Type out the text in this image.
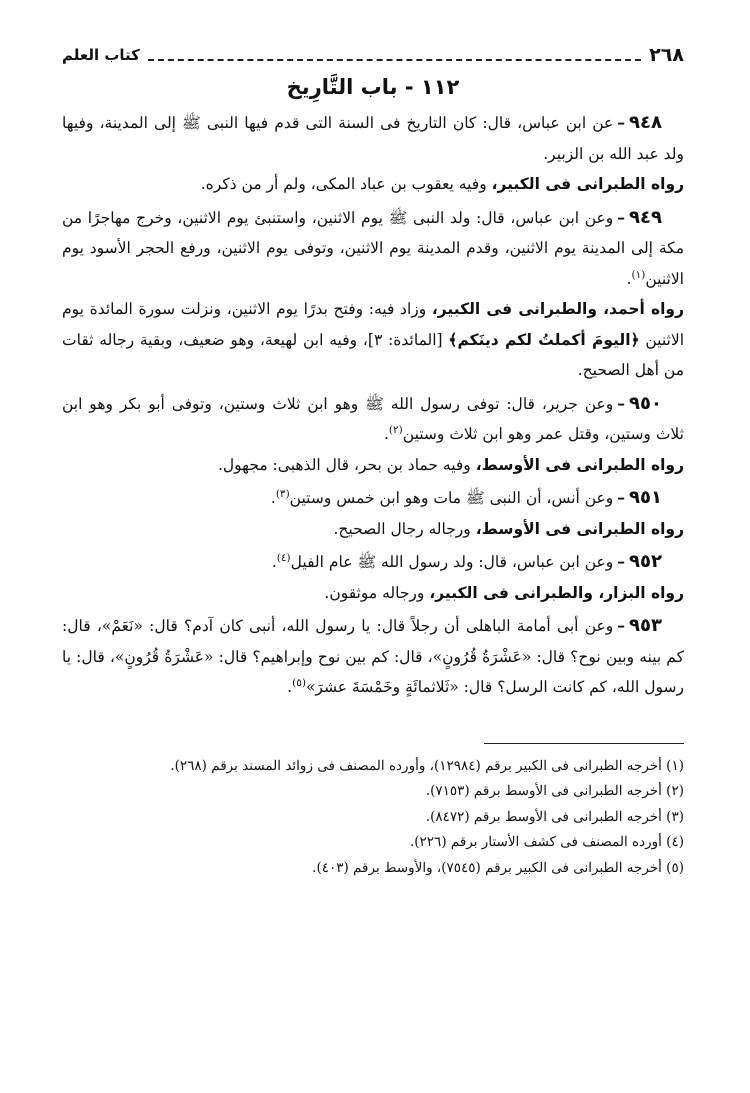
٢٦٨
كتاب العلم
١١٢ - باب التَّارِيخ

٩٤٨–عن ابن عباس، قال: كان التاريخ فى السنة التى قدم فيها النبى ﷺ إلى المدينة، وفيها ولد عبد الله بن الزبير.

رواه الطبرانى فى الكبير، وفيه يعقوب بن عباد المكى، ولم أر من ذكره.

٩٤٩–وعن ابن عباس، قال: ولد النبى ﷺ يوم الاثنين، واستنبئ يوم الاثنين، وخرج مهاجرًا من مكة إلى المدينة يوم الاثنين، وقدم المدينة يوم الاثنين، وتوفى يوم الاثنين، ورفع الحجر الأسود يوم الاثنين$^{(١)}$.

رواه أحمد، والطبرانى فى الكبير، وزاد فيه: وفتح بدرًا يوم الاثنين، ونزلت سورة المائدة يوم الاثنين ﴿اليومَ أكملتُ لكم دينَكم﴾ [المائدة: ٣]، وفيه ابن لهيعة، وهو ضعيف، وبقية رجاله ثقات من أهل الصحيح.

٩٥٠–وعن جرير، قال: توفى رسول الله ﷺ وهو ابن ثلاث وستين، وتوفى أبو بكر وهو ابن ثلاث وستين، وقتل عمر وهو ابن ثلاث وستين$^{(٢)}$.

رواه الطبرانى فى الأوسط، وفيه حماد بن بحر، قال الذهبى: مجهول.

٩٥١–وعن أنس، أن النبى ﷺ مات وهو ابن خمس وستين$^{(٣)}$.

رواه الطبرانى فى الأوسط، ورجاله رجال الصحيح.

٩٥٢–وعن ابن عباس، قال: ولد رسول الله ﷺ عام الفيل$^{(٤)}$.

رواه البزار، والطبرانى فى الكبير، ورجاله موثقون.

٩٥٣–وعن أبى أمامة الباهلى أن رجلاً قال: يا رسول الله، أنبى كان آدم؟ قال: «نَعَمْ»، قال: كم بينه وبين نوح؟ قال: «عَشْرَةُ قُرُونٍ»، قال: كم بين نوح وإبراهيم؟ قال: «عَشْرَةُ قُرُونٍ»، قال: يا رسول الله، كم كانت الرسل؟ قال: «ثَلاثمائَةٍ وخَمْسَةَ عشرَ»$^{(٥)}$.

(١) أخرجه الطبرانى فى الكبير برقم (١٢٩٨٤)، وأورده المصنف فى زوائد المسند برقم (٢٦٨).

(٢) أخرجه الطبرانى فى الأوسط برقم (٧١٥٣).

(٣) أخرجه الطبرانى فى الأوسط برقم (٨٤٧٢).

(٤) أورده المصنف فى كشف الأستار برقم (٢٢٦).

(٥) أخرجه الطبرانى فى الكبير برقم (٧٥٤٥)، والأوسط برقم (٤٠٣).
